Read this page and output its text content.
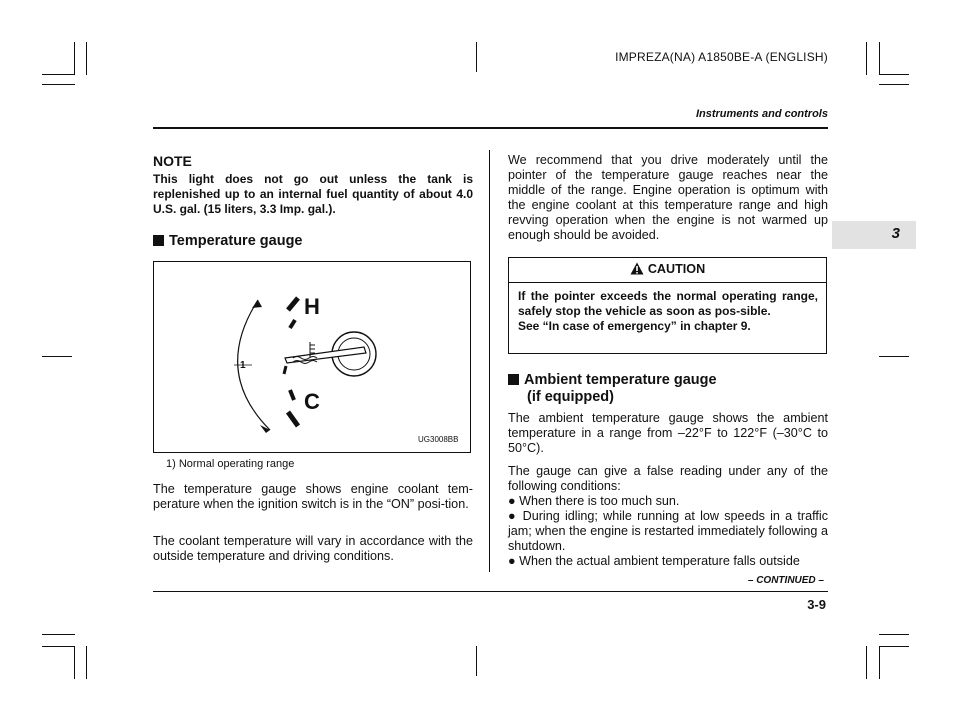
IMPREZA(NA) A1850BE-A (ENGLISH)
Instruments and controls
3
NOTE
This light does not go out unless the tank is replenished up to an internal fuel quantity of about 4.0 U.S. gal. (15 liters, 3.3 Imp. gal.).
Temperature gauge
H
C
1
UG3008BB
1) Normal operating range
The temperature gauge shows engine coolant tem-perature when the ignition switch is in the “ON” posi-tion.
The coolant temperature will vary in accordance with the outside temperature and driving conditions.
We recommend that you drive moderately until the pointer of the temperature gauge reaches near the middle of the range. Engine operation is optimum with the engine coolant at this temperature range and high revving operation when the engine is not warmed up enough should be avoided.
CAUTION
If the pointer exceeds the normal operating range, safely stop the vehicle as soon as pos-sible.
See “In case of emergency” in chapter 9.
Ambient temperature gauge
(if equipped)
The ambient temperature gauge shows the ambient temperature in a range from –22°F to 122°F (–30°C to 50°C).
The gauge can give a false reading under any of the following conditions:
● When there is too much sun.
● During idling; while running at low speeds in a traffic jam; when the engine is restarted immediately following a shutdown.
● When the actual ambient temperature falls outside
– CONTINUED –
3-9
